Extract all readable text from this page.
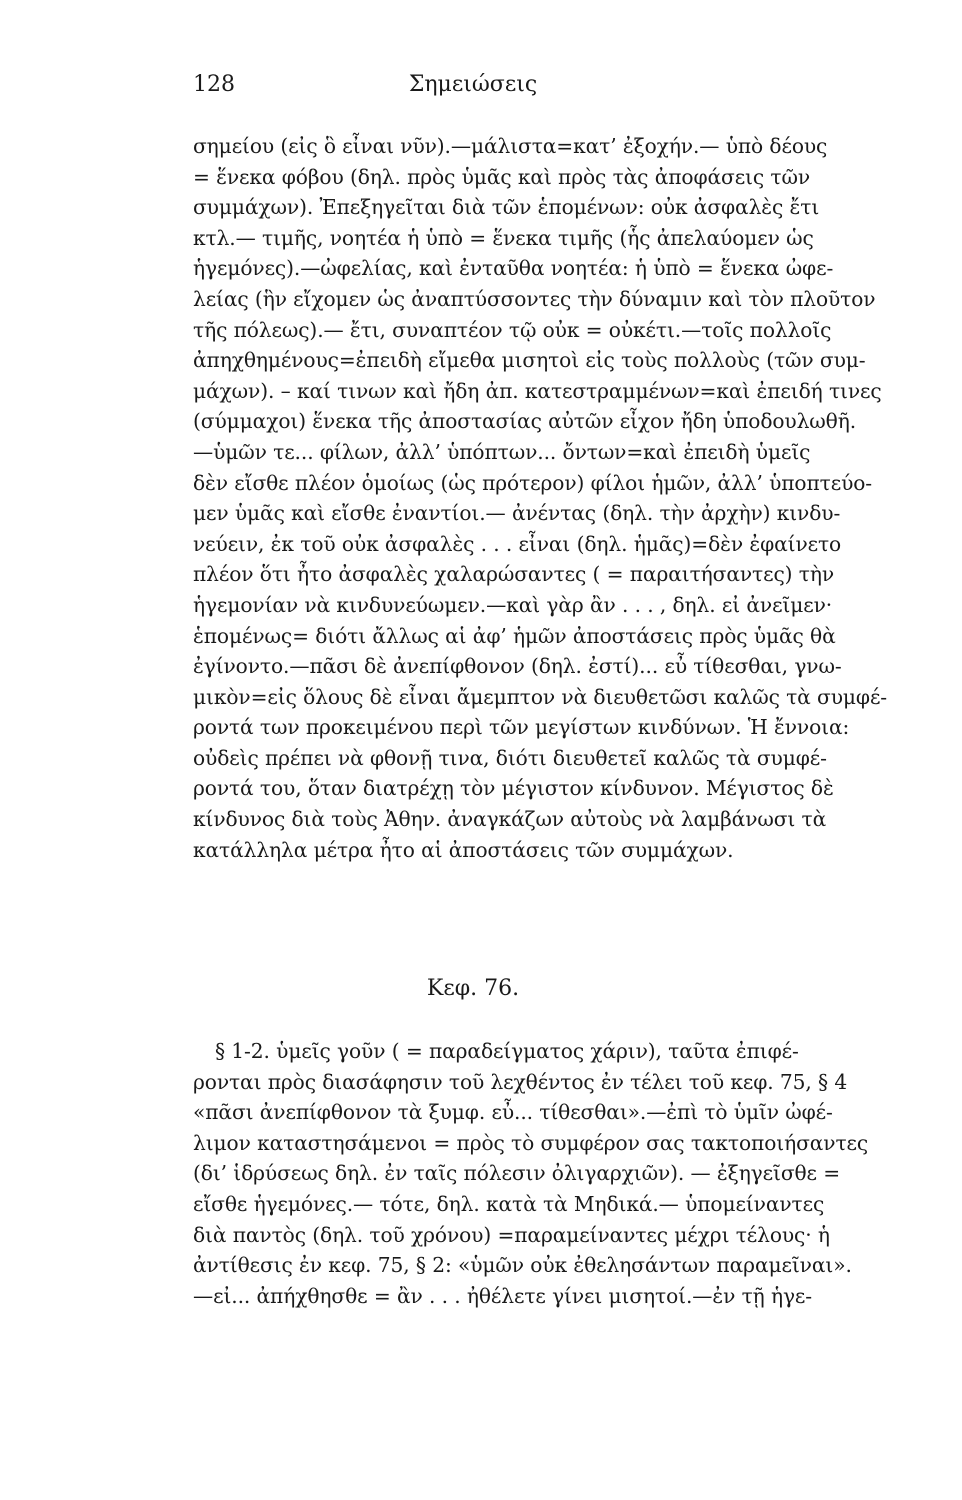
128	Σημειώσεις
σημείου (εἰς ὃ εἶναι νῦν).—μάλιστα=κατ’ ἐξοχήν.— ὑπὸ δέους
= ἕνεκα φόβου (δηλ. πρὸς ὑμᾶς καὶ πρὸς τὰς ἀποφάσεις τῶν
συμμάχων). Ἐπεξηγεῖται διὰ τῶν ἑπομένων: οὐκ ἀσφαλὲς ἔτι
κτλ.— τιμῆς, νοητέα ἡ ὑπὸ = ἕνεκα τιμῆς (ἧς ἀπελαύομεν ὡς
ἡγεμόνες).—ὠφελίας, καὶ ἐνταῦθα νοητέα: ἡ ὑπὸ = ἕνεκα ὠφε-
λείας (ἣν εἴχομεν ὡς ἀναπτύσσοντες τὴν δύναμιν καὶ τὸν πλοῦτον
τῆς πόλεως).— ἔτι, συναπτέον τῷ οὐκ = οὐκέτι.—τοῖς πολλοῖς
ἀπηχθημένους=ἐπειδὴ εἴμεθα μισητοὶ εἰς τοὺς πολλοὺς (τῶν συμ-
μάχων). – καί τινων καὶ ἤδη ἀπ. κατεστραμμένων=καὶ ἐπειδή τινες
(σύμμαχοι) ἕνεκα τῆς ἀποστασίας αὐτῶν εἶχον ἤδη ὑποδουλωθῆ.
—ὑμῶν τε... φίλων, ἀλλ’ ὑπόπτων... ὄντων=καὶ ἐπειδὴ ὑμεῖς
δὲν εἴσθε πλέον ὁμοίως (ὡς πρότερον) φίλοι ἡμῶν, ἀλλ’ ὑποπτεύο-
μεν ὑμᾶς καὶ εἴσθε ἐναντίοι.— ἀνέντας (δηλ. τὴν ἀρχὴν) κινδυ-
νεύειν, ἐκ τοῦ οὐκ ἀσφαλὲς . . . εἶναι (δηλ. ἡμᾶς)=δὲν ἐφαίνετο
πλέον ὅτι ἦτο ἀσφαλὲς χαλαρώσαντες ( = παραιτήσαντες) τὴν
ἡγεμονίαν νὰ κινδυνεύωμεν.—καὶ γὰρ ἂν . . . , δηλ. εἰ ἀνεῖμεν·
ἑπομένως= διότι ἄλλως αἱ ἀφ’ ἡμῶν ἀποστάσεις πρὸς ὑμᾶς θὰ
ἐγίνοντο.—πᾶσι δὲ ἀνεπίφθονον (δηλ. ἐστί)... εὖ τίθεσθαι, γνω-
μικὸν=εἰς ὅλους δὲ εἶναι ἄμεμπτον νὰ διευθετῶσι καλῶς τὰ συμφέ-
ροντά των προκειμένου περὶ τῶν μεγίστων κινδύνων. Ἡ ἔννοια:
οὐδεὶς πρέπει νὰ φθονῇ τινα, διότι διευθετεῖ καλῶς τὰ συμφέ-
ροντά του, ὅταν διατρέχῃ τὸν μέγιστον κίνδυνον. Μέγιστος δὲ
κίνδυνος διὰ τοὺς Ἀθην. ἀναγκάζων αὐτοὺς νὰ λαμβάνωσι τὰ
κατάλληλα μέτρα ἦτο αἱ ἀποστάσεις τῶν συμμάχων.
Κεφ. 76.
§ 1-2. ὑμεῖς γοῦν ( = παραδείγματος χάριν), ταῦτα ἐπιφέ-
ρονται πρὸς διασάφησιν τοῦ λεχθέντος ἐν τέλει τοῦ κεφ. 75, § 4
«πᾶσι ἀνεπίφθονον τὰ ξυμφ. εὖ... τίθεσθαι».—ἐπὶ τὸ ὑμῖν ὠφέ-
λιμον καταστησάμενοι = πρὸς τὸ συμφέρον σας τακτοποιήσαντες
(δι’ ἱδρύσεως δηλ. ἐν ταῖς πόλεσιν ὀλιγαρχιῶν). — ἐξηγεῖσθε =
εἴσθε ἡγεμόνες.— τότε, δηλ. κατὰ τὰ Μηδικά.— ὑπομείναντες
διὰ παντὸς (δηλ. τοῦ χρόνου) =παραμείναντες μέχρι τέλους· ἡ
ἀντίθεσις ἐν κεφ. 75, § 2: «ὑμῶν οὐκ ἐθελησάντων παραμεῖναι».
—εἰ... ἀπήχθησθε = ἂν . . . ἠθέλετε γίνει μισητοί.—ἐν τῇ ἡγε-
